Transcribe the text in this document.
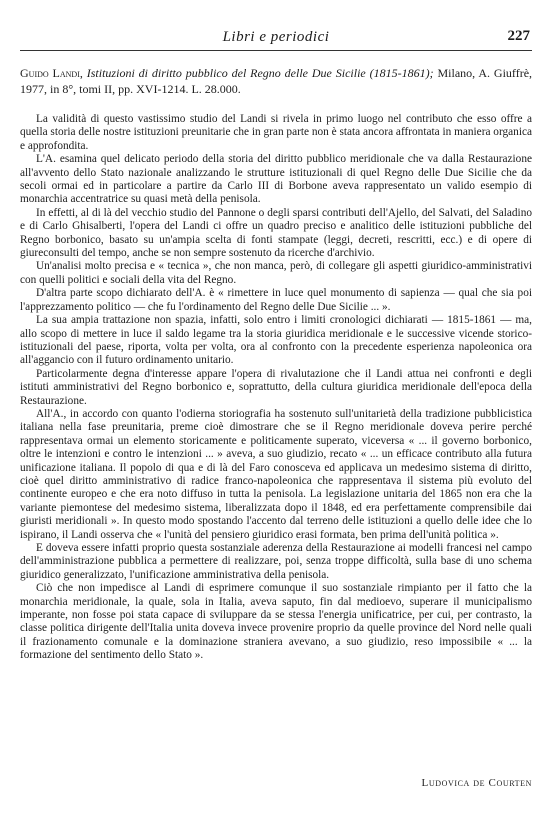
Libri e periodici	227
Guido Landi, Istituzioni di diritto pubblico del Regno delle Due Sicilie (1815-1861); Milano, A. Giuffrè, 1977, in 8°, tomi II, pp. XVI-1214. L. 28.000.

La validità di questo vastissimo studio del Landi si rivela in primo luogo nel contributo che esso offre a quella storia delle nostre istituzioni preunitarie che in gran parte non è stata ancora affrontata in maniera organica e approfondita.

L'A. esamina quel delicato periodo della storia del diritto pubblico meridionale che va dalla Restaurazione all'avvento dello Stato nazionale analizzando le strutture istituzionali di quel Regno delle Due Sicilie che da secoli ormai ed in particolare a partire da Carlo III di Borbone aveva rappresentato un valido esempio di monarchia accentratrice su quasi metà della penisola.

In effetti, al di là del vecchio studio del Pannone o degli sparsi contributi dell'Ajello, del Salvati, del Saladino e di Carlo Ghisalberti, l'opera del Landi ci offre un quadro preciso e analitico delle istituzioni pubbliche del Regno borbonico, basato su un'ampia scelta di fonti stampate (leggi, decreti, rescritti, ecc.) e di opere di giureconsulti del tempo, anche se non sempre sostenuto da ricerche d'archivio.

Un'analisi molto precisa e « tecnica », che non manca, però, di collegare gli aspetti giuridico-amministrativi con quelli politici e sociali della vita del Regno.

D'altra parte scopo dichiarato dell'A. è « rimettere in luce quel monumento di sapienza — qual che sia poi l'apprezzamento politico — che fu l'ordinamento del Regno delle Due Sicilie ... ».

La sua ampia trattazione non spazia, infatti, solo entro i limiti cronologici dichiarati — 1815-1861 — ma, allo scopo di mettere in luce il saldo legame tra la storia giuridica meridionale e le successive vicende storico-istituzionali del paese, riporta, volta per volta, ora al confronto con la precedente esperienza napoleonica ora all'aggancio con il futuro ordinamento unitario.

Particolarmente degna d'interesse appare l'opera di rivalutazione che il Landi attua nei confronti e degli istituti amministrativi del Regno borbonico e, soprattutto, della cultura giuridica meridionale dell'epoca della Restaurazione.

All'A., in accordo con quanto l'odierna storiografia ha sostenuto sull'unitarietà della tradizione pubblicistica italiana nella fase preunitaria, preme cioè dimostrare che se il Regno meridionale doveva perire perché rappresentava ormai un elemento storicamente e politicamente superato, viceversa « ... il governo borbonico, oltre le intenzioni e contro le intenzioni ... » aveva, a suo giudizio, recato « ... un efficace contributo alla futura unificazione italiana. Il popolo di qua e di là del Faro conosceva ed applicava un medesimo sistema di diritto, cioè quel diritto amministrativo di radice franco-napoleonica che rappresentava il sistema più evoluto del continente europeo e che era noto diffuso in tutta la penisola. La legislazione unitaria del 1865 non era che la variante piemontese del medesimo sistema, liberalizzata dopo il 1848, ed era perfettamente comprensibile dai giuristi meridionali ». In questo modo spostando l'accento dal terreno delle istituzioni a quello delle idee che lo ispirano, il Landi osserva che « l'unità del pensiero giuridico erasi formata, ben prima dell'unità politica ».

E doveva essere infatti proprio questa sostanziale aderenza della Restaurazione ai modelli francesi nel campo dell'amministrazione pubblica a permettere di realizzare, poi, senza troppe difficoltà, sulla base di uno schema giuridico generalizzato, l'unificazione amministrativa della penisola.

Ciò che non impedisce al Landi di esprimere comunque il suo sostanziale rimpianto per il fatto che la monarchia meridionale, la quale, sola in Italia, aveva saputo, fin dal medioevo, superare il municipalismo imperante, non fosse poi stata capace di sviluppare da se stessa l'energia unificatrice, per cui, per contrasto, la classe politica dirigente dell'Italia unita doveva invece provenire proprio da quelle province del Nord nelle quali il frazionamento comunale e la dominazione straniera avevano, a suo giudizio, reso impossibile « ... la formazione del sentimento dello Stato ».

Ludovica de Courten
